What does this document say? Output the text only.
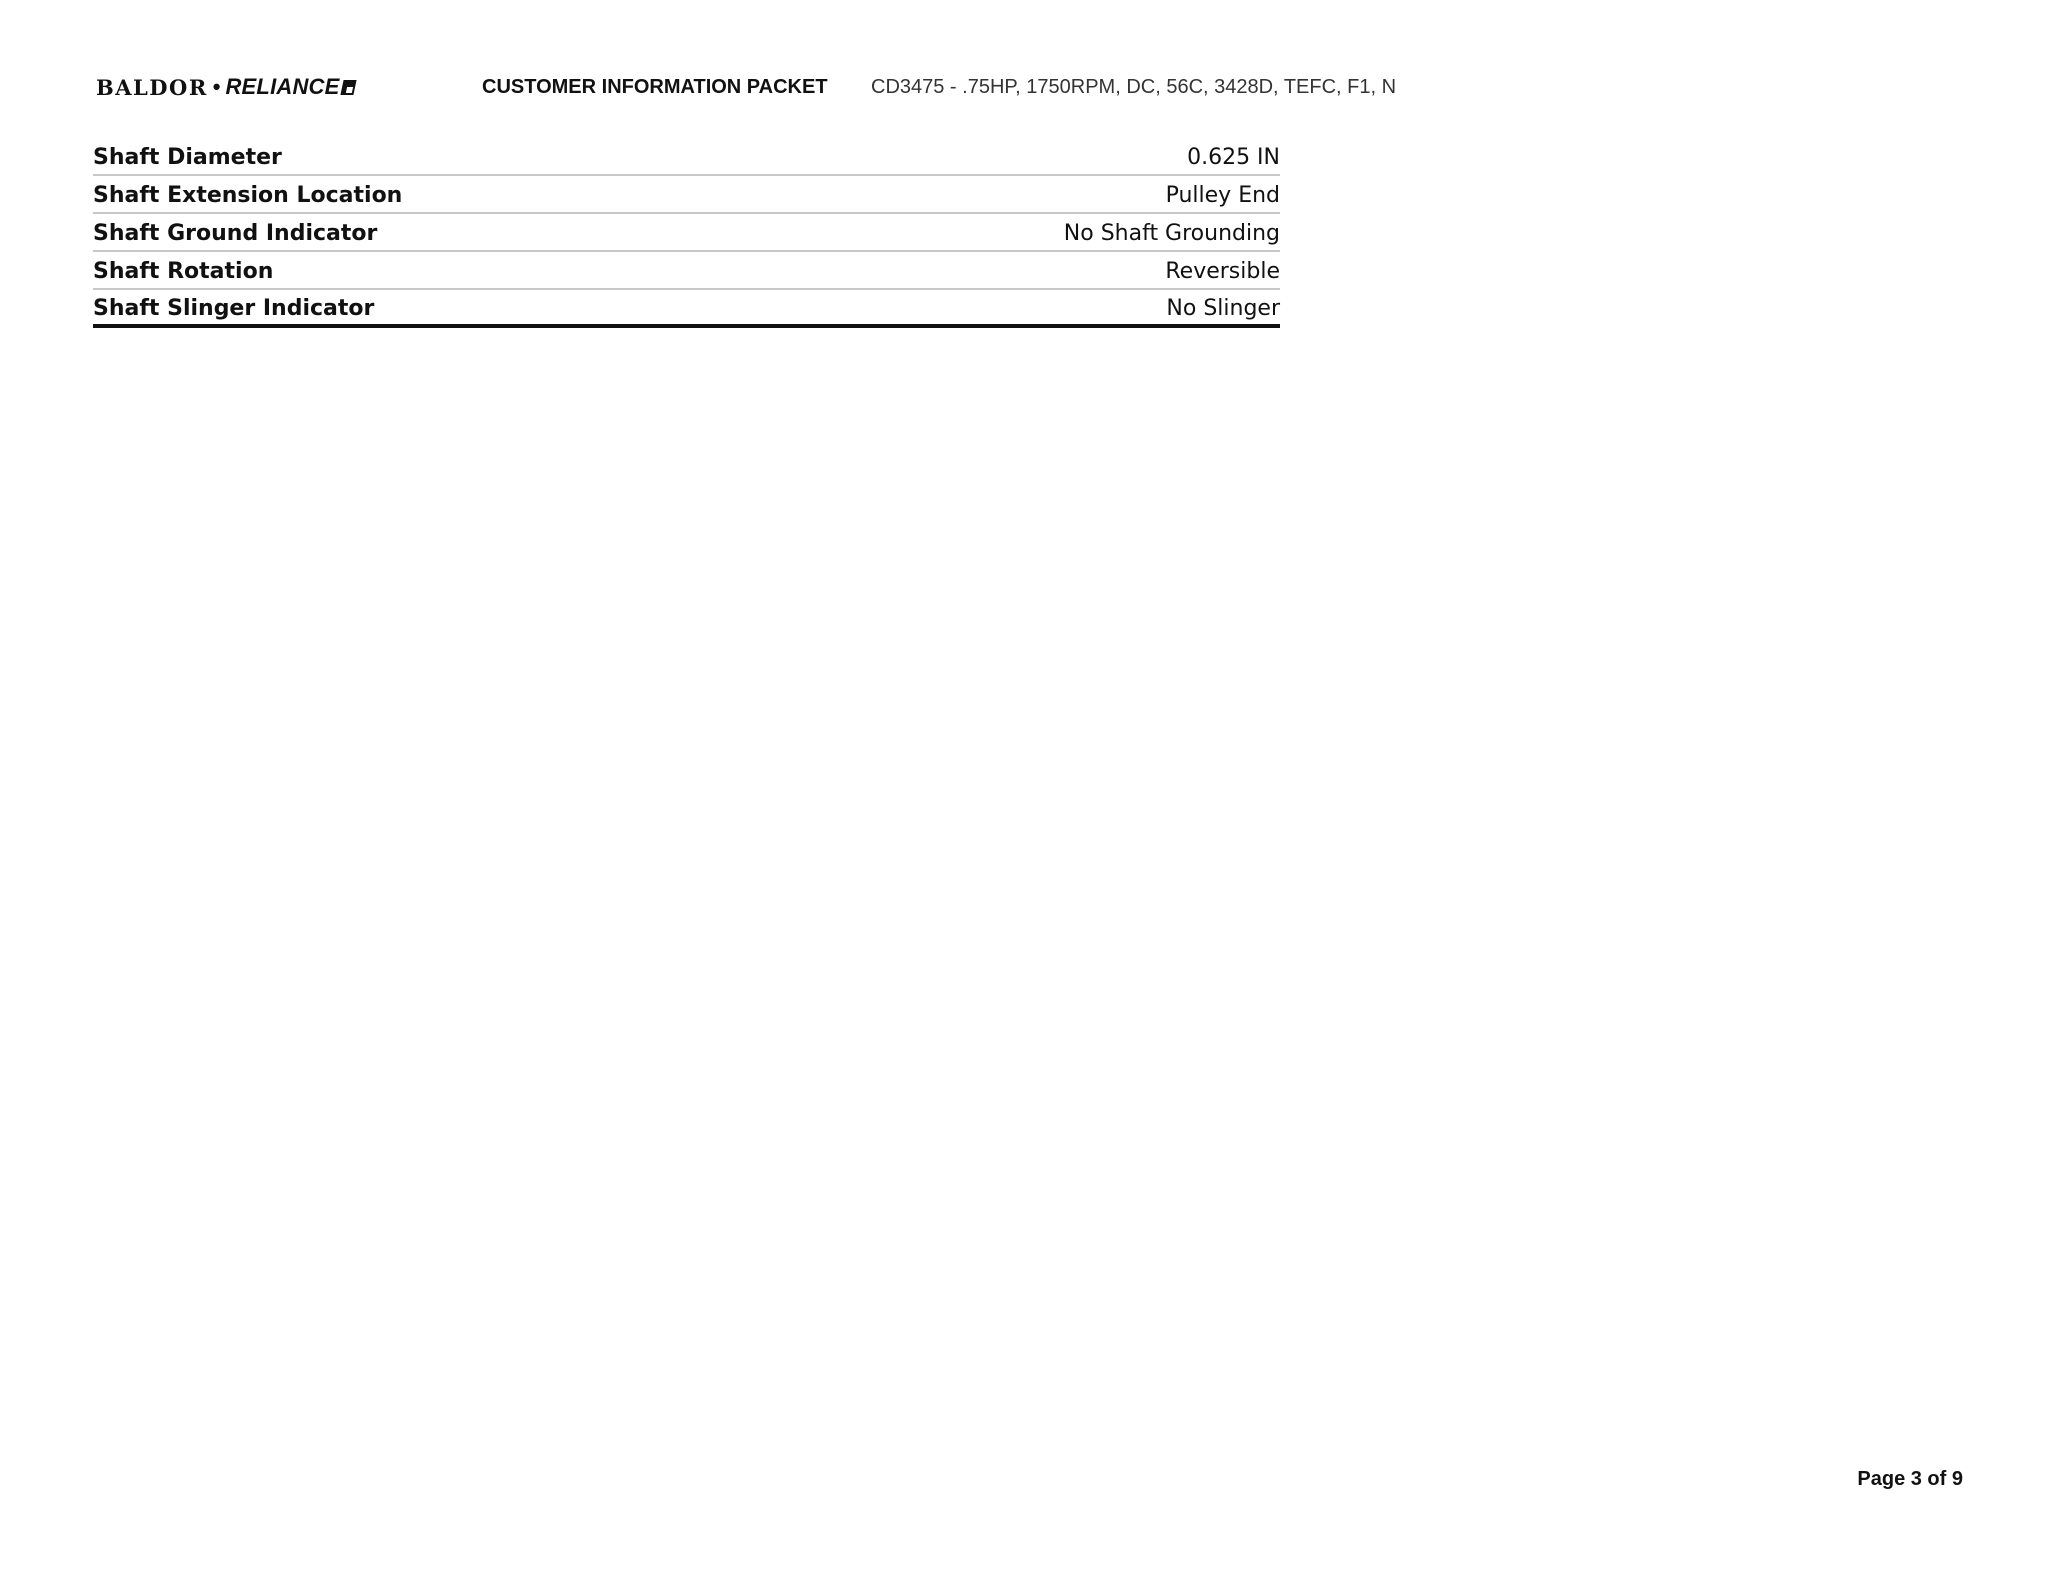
BALDOR • RELIANCE	CUSTOMER INFORMATION PACKET CD3475 - .75HP, 1750RPM, DC, 56C, 3428D, TEFC, F1, N
Shaft Diameter	0.625 IN
Shaft Extension Location	Pulley End
Shaft Ground Indicator	No Shaft Grounding
Shaft Rotation	Reversible
Shaft Slinger Indicator	No Slinger
Page 3 of 9
